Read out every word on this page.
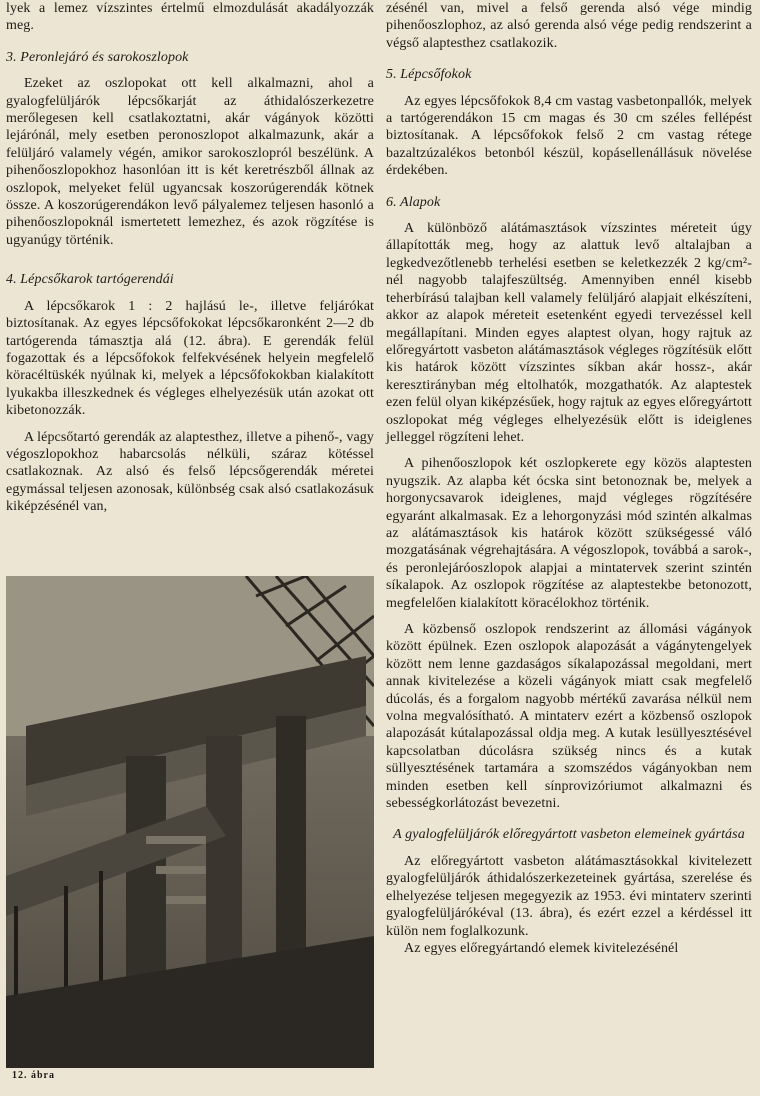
lyek a lemez vízszintes értelmű elmozdulását akadályozzák meg.

3. Peronlejáró és sarokoszlopok

Ezeket az oszlopokat ott kell alkalmazni, ahol a gyalogfelüljárók lépcsőkarját az áthidalószerkezetre merőlegesen kell csatlakoztatni, akár vágányok közötti lejárónál, mely esetben peronoszlopot alkalmazunk, akár a felüljáró valamely végén, amikor sarokoszlopról beszélünk. A pihenőoszlopokhoz hasonlóan itt is két keretrészből állnak az oszlopok, melyeket felül ugyancsak koszorúgerendák kötnek össze. A koszorúgerendákon levő pályalemez teljesen hasonló a pihenőoszlopoknál ismertetett lemezhez, és azok rögzítése is ugyanúgy történik.

4. Lépcsőkarok tartógerendái

A lépcsőkarok 1 : 2 hajlású le-, illetve feljárókat biztosítanak. Az egyes lépcsőfokokat lépcsőkaronként 2—2 db tartógerenda támasztja alá (12. ábra). E gerendák felül fogazottak és a lépcsőfokok felfekvésének helyein megfelelő köracéltüskék nyúlnak ki, melyek a lépcsőfokokban kialakított lyukakba illeszkednek és végleges elhelyezésük után azokat ott kibetonozzák.

A lépcsőtartó gerendák az alaptesthez, illetve a pihenő-, vagy végoszlopokhoz habarcsolás nélküli, száraz kötéssel csatlakoznak. Az alsó és felső lépcsőgerendák méretei egymással teljesen azonosak, különbség csak alsó csatlakozásuk kiképzésénél van,

12. ábra

zésénél van, mivel a felső gerenda alsó vége mindig pihenőoszlophoz, az alsó gerenda alsó vége pedig rendszerint a végső alaptesthez csatlakozik.

5. Lépcsőfokok

Az egyes lépcsőfokok 8,4 cm vastag vasbetonpallók, melyek a tartógerendákon 15 cm magas és 30 cm széles fellépést biztosítanak. A lépcsőfokok felső 2 cm vastag rétege bazaltzúzalékos betonból készül, kopásellenállásuk növelése érdekében.

6. Alapok

A különböző alátámasztások vízszintes méreteit úgy állapították meg, hogy az alattuk levő altalajban a legkedvezőtlenebb terhelési esetben se keletkezzék 2 kg/cm²-nél nagyobb talajfeszültség. Amennyiben ennél kisebb teherbírású talajban kell valamely felüljáró alapjait elkészíteni, akkor az alapok méreteit esetenként egyedi tervezéssel kell megállapítani. Minden egyes alaptest olyan, hogy rajtuk az előregyártott vasbeton alátámasztások végleges rögzítésük előtt kis határok között vízszintes síkban akár hossz-, akár keresztirányban még eltolhatók, mozgathatók. Az alaptestek ezen felül olyan kiképzésűek, hogy rajtuk az egyes előregyártott oszlopokat még végleges elhelyezésük előtt is ideiglenes jelleggel rögzíteni lehet.

A pihenőoszlopok két oszlopkerete egy közös alaptesten nyugszik. Az alapba két ócska sint betonoznak be, melyek a horgonycsavarok ideiglenes, majd végleges rögzítésére egyaránt alkalmasak. Ez a lehorgonyzási mód szintén alkalmas az alátámasztások kis határok között szükségessé váló mozgatásának végrehajtására. A végoszlopok, továbbá a sarok-, és peronlejáróoszlopok alapjai a mintatervek szerint szintén síkalapok. Az oszlopok rögzítése az alaptestekbe betonozott, megfelelően kialakított köracélokhoz történik.

A közbenső oszlopok rendszerint az állomási vágányok között épülnek. Ezen oszlopok alapozását a vágánytengelyek között nem lenne gazdaságos síkalapozással megoldani, mert annak kivitelezése a közeli vágányok miatt csak megfelelő dúcolás, és a forgalom nagyobb mértékű zavarása nélkül nem volna megvalósítható. A mintaterv ezért a közbenső oszlopok alapozását kútalapozással oldja meg. A kutak lesüllyesztésével kapcsolatban dúcolásra szükség nincs és a kutak süllyesztésének tartamára a szomszédos vágányokban nem minden esetben kell sínprovizóriumot alkalmazni és sebességkorlátozást bevezetni.

A gyalogfelüljárók előregyártott vasbeton elemeinek gyártása

Az előregyártott vasbeton alátámasztásokkal kivitelezett gyalogfelüljárók áthidalószerkezeteinek gyártása, szerelése és elhelyezése teljesen megegyezik az 1953. évi mintaterv szerinti gyalogfelüljárókéval (13. ábra), és ezért ezzel a kérdéssel itt külön nem foglalkozunk.

Az egyes előregyártandó elemek kivitelezésénél
